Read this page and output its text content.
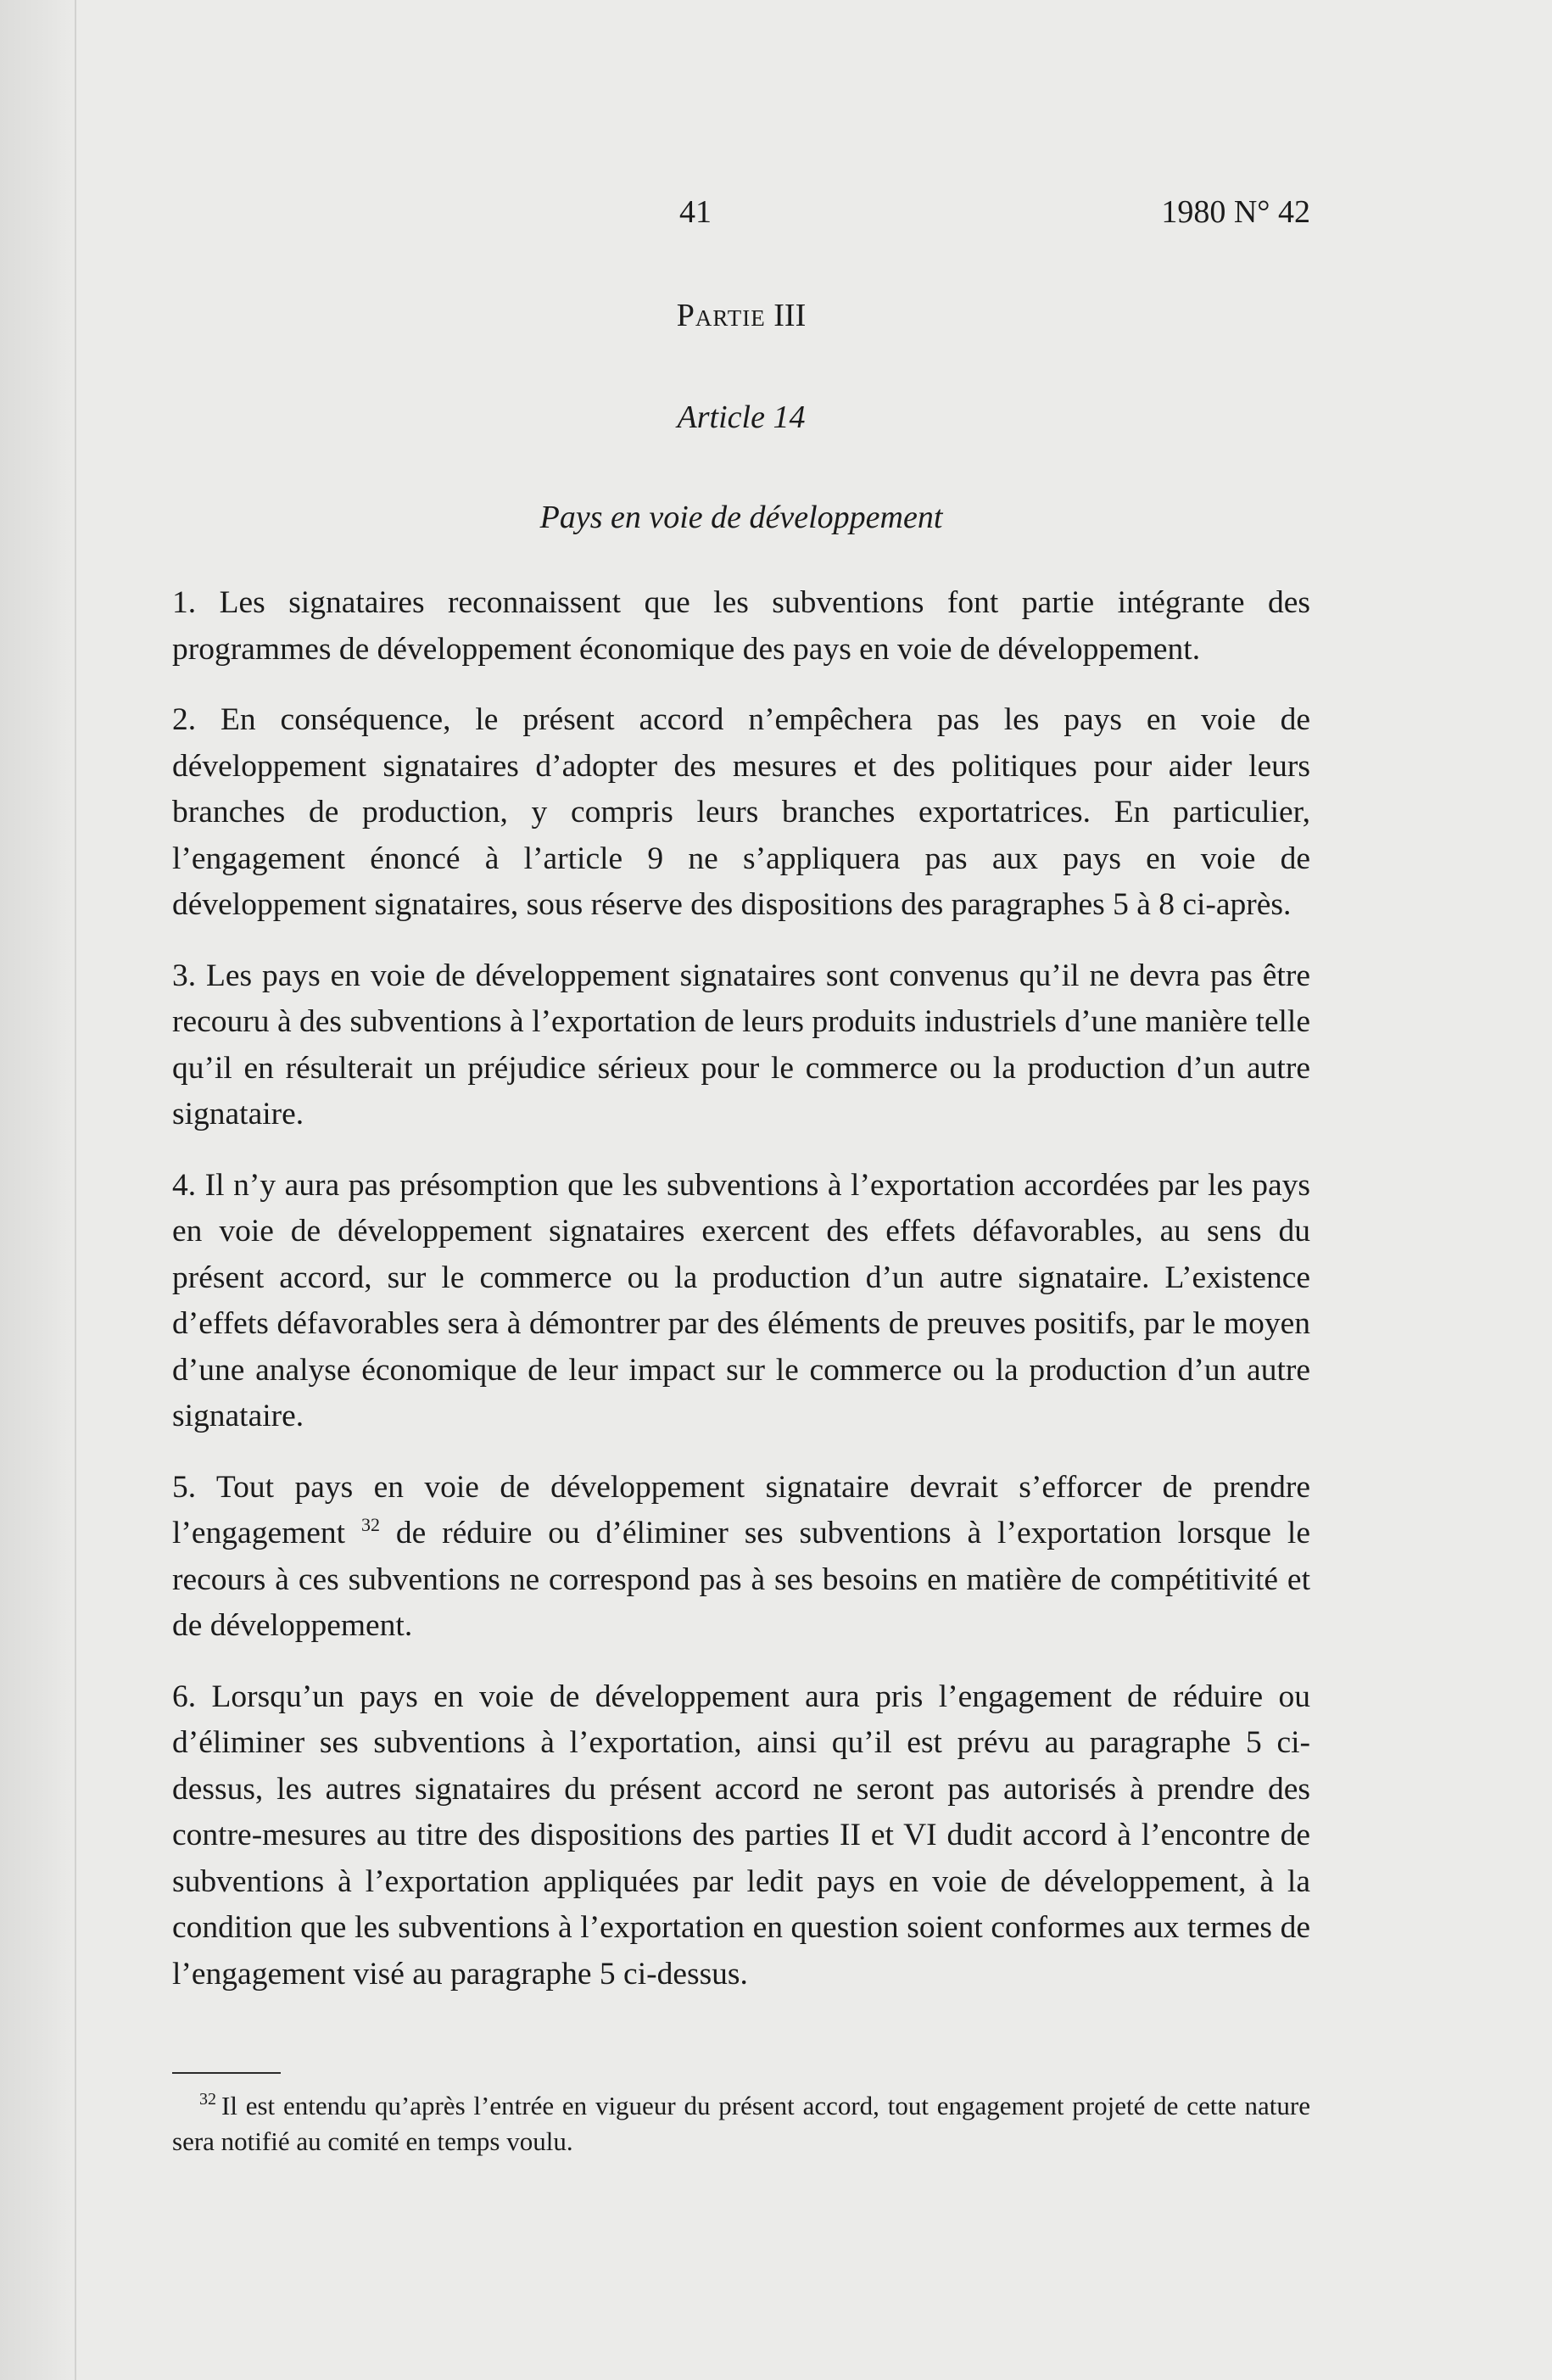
41	1980 N° 42
Partie III
Article 14
Pays en voie de développement

1. Les signataires reconnaissent que les subventions font partie intégrante des programmes de développement économique des pays en voie de développement.

2. En conséquence, le présent accord n’empêchera pas les pays en voie de développement signataires d’adopter des mesures et des politiques pour aider leurs branches de production, y compris leurs branches exportatrices. En particulier, l’engagement énoncé à l’article 9 ne s’appliquera pas aux pays en voie de développement signataires, sous réserve des dispositions des paragraphes 5 à 8 ci-après.

3. Les pays en voie de développement signataires sont convenus qu’il ne devra pas être recouru à des subventions à l’exportation de leurs produits industriels d’une manière telle qu’il en résulterait un préjudice sérieux pour le commerce ou la production d’un autre signataire.

4. Il n’y aura pas présomption que les subventions à l’exportation accordées par les pays en voie de développement signataires exercent des effets défavorables, au sens du présent accord, sur le commerce ou la production d’un autre signataire. L’existence d’effets défavorables sera à démontrer par des éléments de preuves positifs, par le moyen d’une analyse économique de leur impact sur le commerce ou la production d’un autre signataire.

5. Tout pays en voie de développement signataire devrait s’efforcer de prendre l’engagement $^{32}$ de réduire ou d’éliminer ses subventions à l’exportation lorsque le recours à ces subventions ne correspond pas à ses besoins en matière de compétitivité et de développement.

6. Lorsqu’un pays en voie de développement aura pris l’engagement de réduire ou d’éliminer ses subventions à l’exportation, ainsi qu’il est prévu au paragraphe 5 ci-dessus, les autres signataires du présent accord ne seront pas autorisés à prendre des contre-mesures au titre des dispositions des parties II et VI dudit accord à l’encontre de subventions à l’exportation appliquées par ledit pays en voie de développement, à la condition que les subventions à l’exportation en question soient conformes aux termes de l’engagement visé au paragraphe 5 ci-dessus.

$^{32}$ Il est entendu qu’après l’entrée en vigueur du présent accord, tout engagement projeté de cette nature sera notifié au comité en temps voulu.
